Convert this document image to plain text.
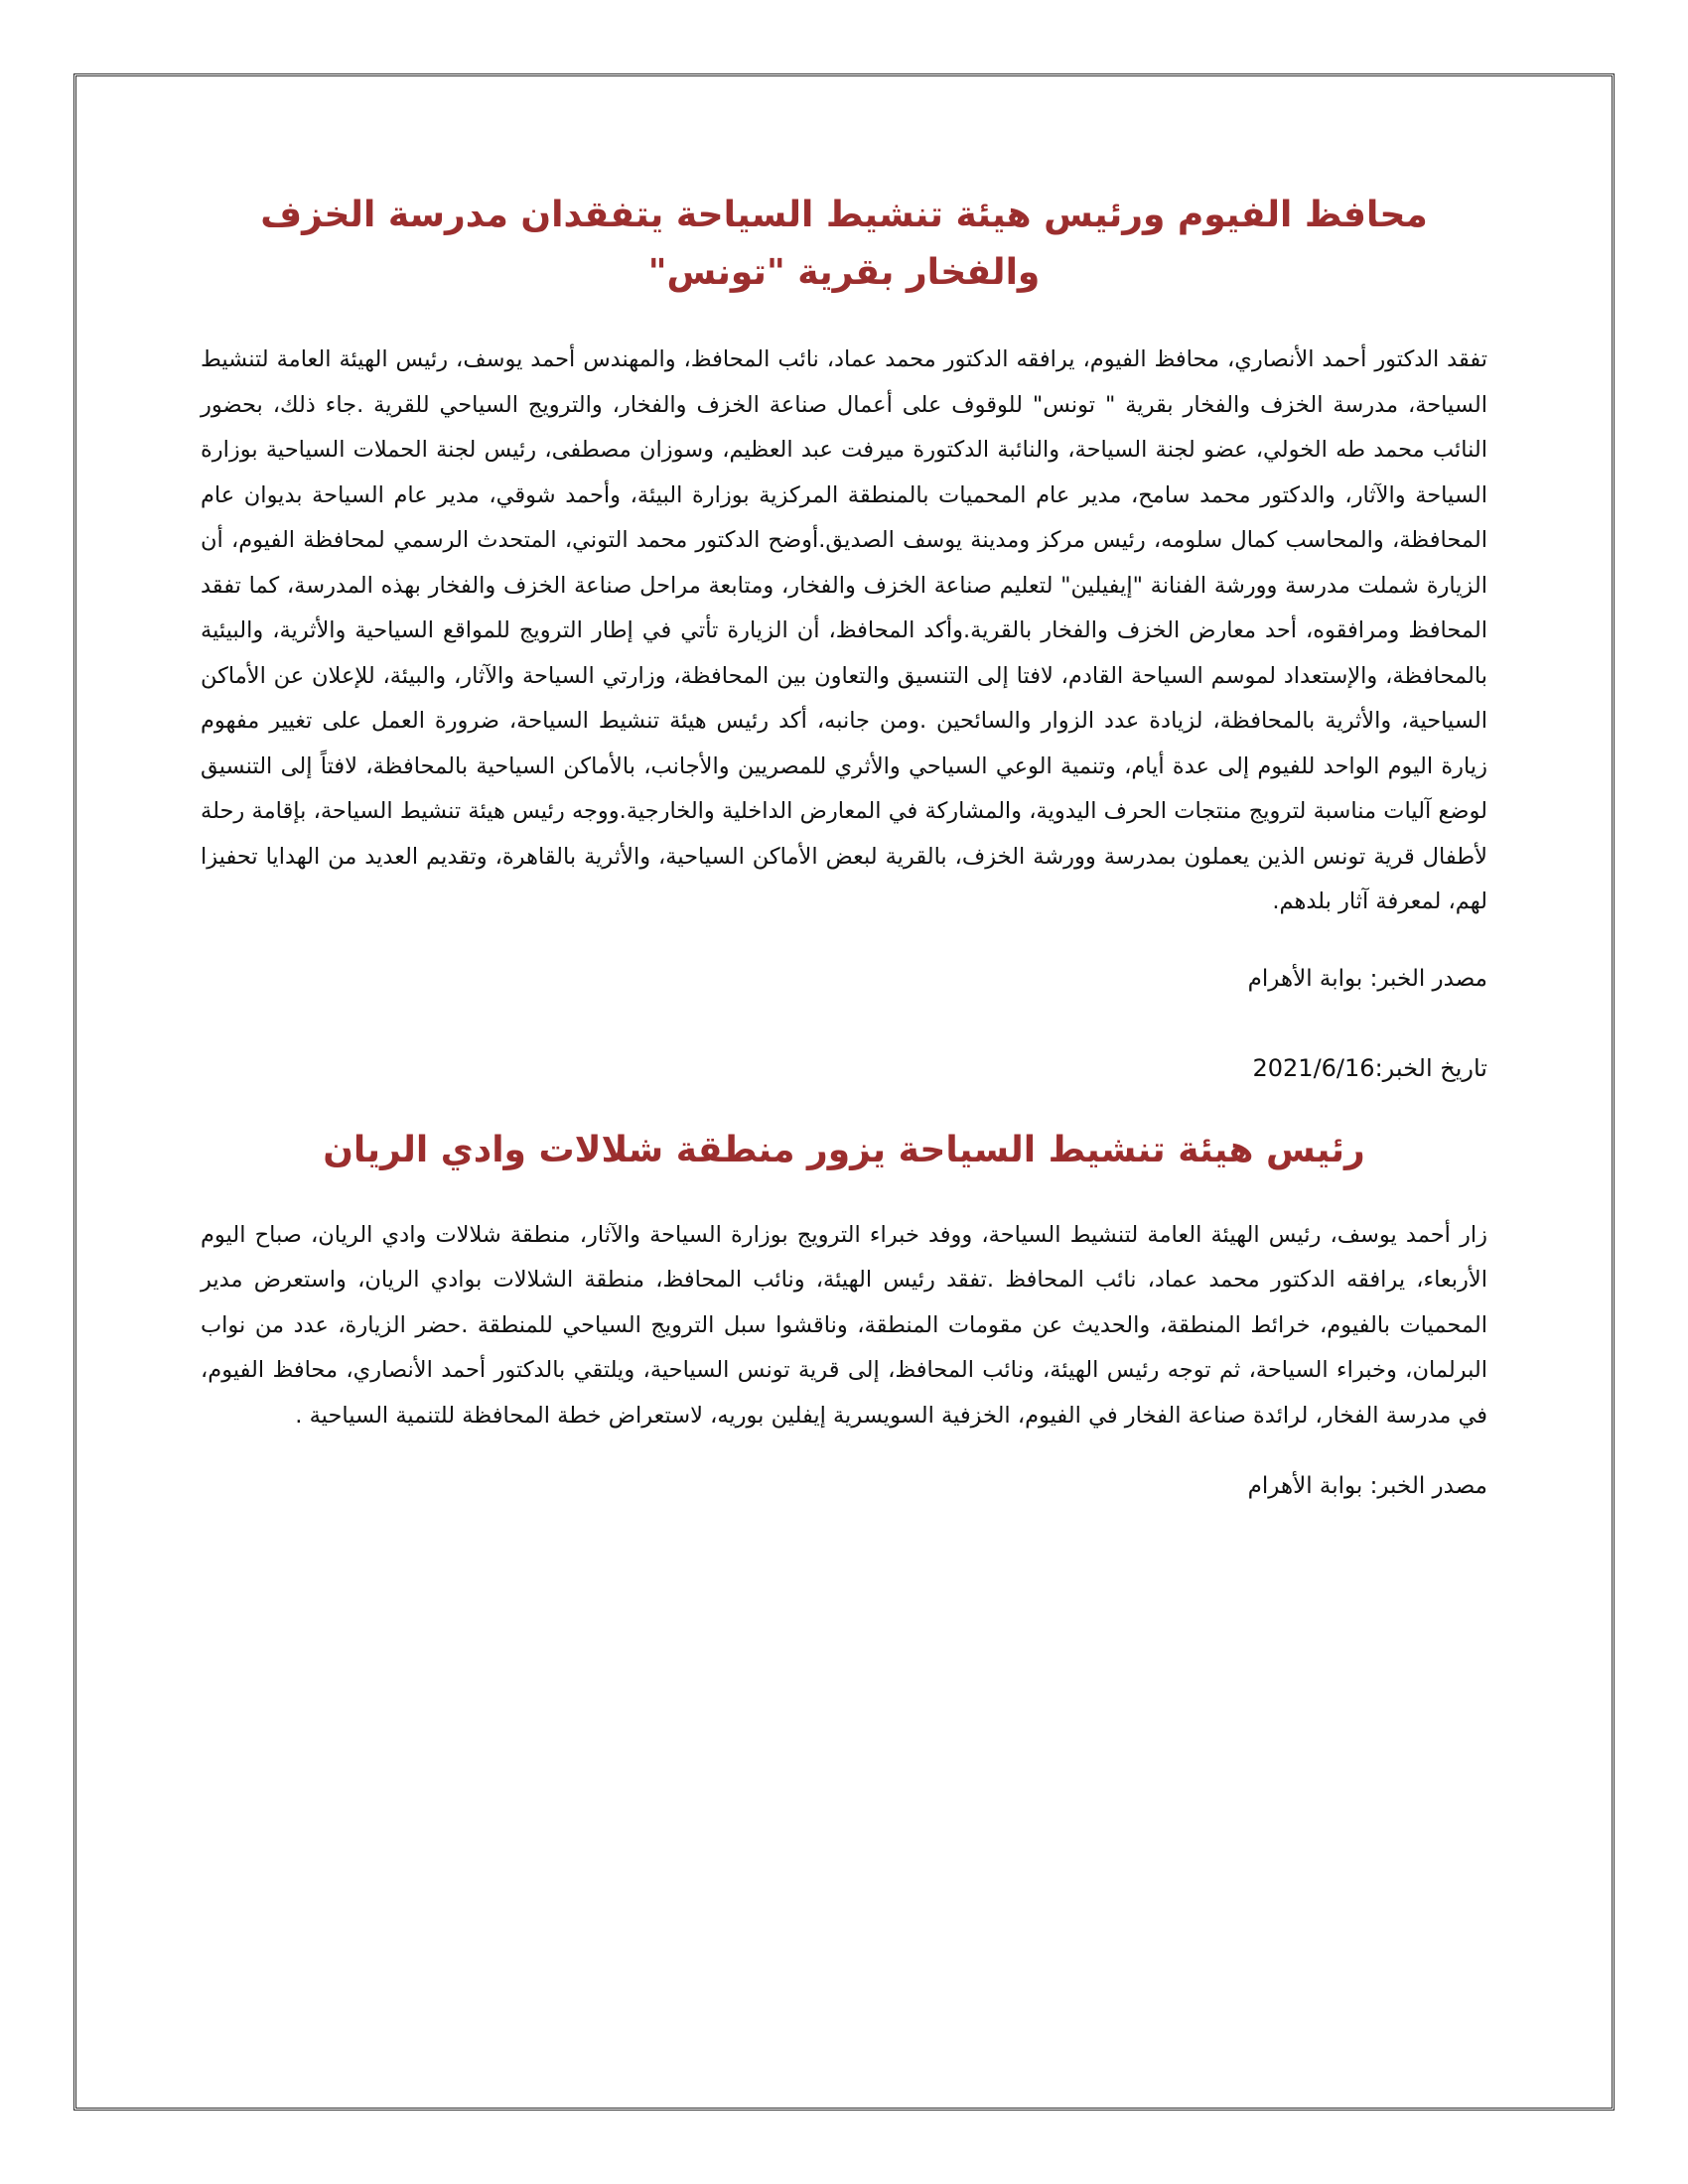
محافظ الفيوم ورئيس هيئة تنشيط السياحة يتفقدان مدرسة الخزف والفخار بقرية "تونس"

تفقد الدكتور أحمد الأنصاري، محافظ الفيوم، يرافقه الدكتور محمد عماد، نائب المحافظ، والمهندس أحمد يوسف، رئيس الهيئة العامة لتنشيط السياحة، مدرسة الخزف والفخار بقرية " تونس" للوقوف على أعمال صناعة الخزف والفخار، والترويج السياحي للقرية .جاء ذلك، بحضور النائب محمد طه الخولي، عضو لجنة السياحة، والنائبة الدكتورة ميرفت عبد العظيم، وسوزان مصطفى، رئيس لجنة الحملات السياحية بوزارة السياحة والآثار، والدكتور محمد سامح، مدير عام المحميات بالمنطقة المركزية بوزارة البيئة، وأحمد شوقي، مدير عام السياحة بديوان عام المحافظة، والمحاسب كمال سلومه، رئيس مركز ومدينة يوسف الصديق.أوضح الدكتور محمد التوني، المتحدث الرسمي لمحافظة الفيوم، أن الزيارة شملت مدرسة وورشة الفنانة "إيفيلين" لتعليم صناعة الخزف والفخار، ومتابعة مراحل صناعة الخزف والفخار بهذه المدرسة، كما تفقد المحافظ ومرافقوه، أحد معارض الخزف والفخار بالقرية.وأكد المحافظ، أن الزيارة تأتي في إطار الترويج للمواقع السياحية والأثرية، والبيئية بالمحافظة، والإستعداد لموسم السياحة القادم، لافتا إلى التنسيق والتعاون بين المحافظة، وزارتي السياحة والآثار، والبيئة، للإعلان عن الأماكن السياحية، والأثرية بالمحافظة، لزيادة عدد الزوار والسائحين .ومن جانبه، أكد رئيس هيئة تنشيط السياحة، ضرورة العمل على تغيير مفهوم زيارة اليوم الواحد للفيوم إلى عدة أيام، وتنمية الوعي السياحي والأثري للمصريين والأجانب، بالأماكن السياحية بالمحافظة، لافتاً إلى التنسيق لوضع آليات مناسبة لترويج منتجات الحرف اليدوية، والمشاركة في المعارض الداخلية والخارجية.ووجه رئيس هيئة تنشيط السياحة، بإقامة رحلة لأطفال قرية تونس الذين يعملون بمدرسة وورشة الخزف، بالقرية لبعض الأماكن السياحية، والأثرية بالقاهرة، وتقديم العديد من الهدايا تحفيزا لهم، لمعرفة آثار بلدهم.

مصدر الخبر: بوابة الأهرام

تاريخ الخبر:2021/6/16

رئيس هيئة تنشيط السياحة يزور منطقة شلالات وادي الريان

زار أحمد يوسف، رئيس الهيئة العامة لتنشيط السياحة، ووفد خبراء الترويج بوزارة السياحة والآثار، منطقة شلالات وادي الريان، صباح اليوم الأربعاء، يرافقه الدكتور محمد عماد، نائب المحافظ .تفقد رئيس الهيئة، ونائب المحافظ، منطقة الشلالات بوادي الريان، واستعرض مدير المحميات بالفيوم، خرائط المنطقة، والحديث عن مقومات المنطقة، وناقشوا سبل الترويج السياحي للمنطقة .حضر الزيارة، عدد من نواب البرلمان، وخبراء السياحة، ثم توجه رئيس الهيئة، ونائب المحافظ، إلى قرية تونس السياحية، ويلتقي بالدكتور أحمد الأنصاري، محافظ الفيوم، في مدرسة الفخار، لرائدة صناعة الفخار في الفيوم، الخزفية السويسرية إيفلين بوريه، لاستعراض خطة المحافظة للتنمية السياحية .

مصدر الخبر: بوابة الأهرام
